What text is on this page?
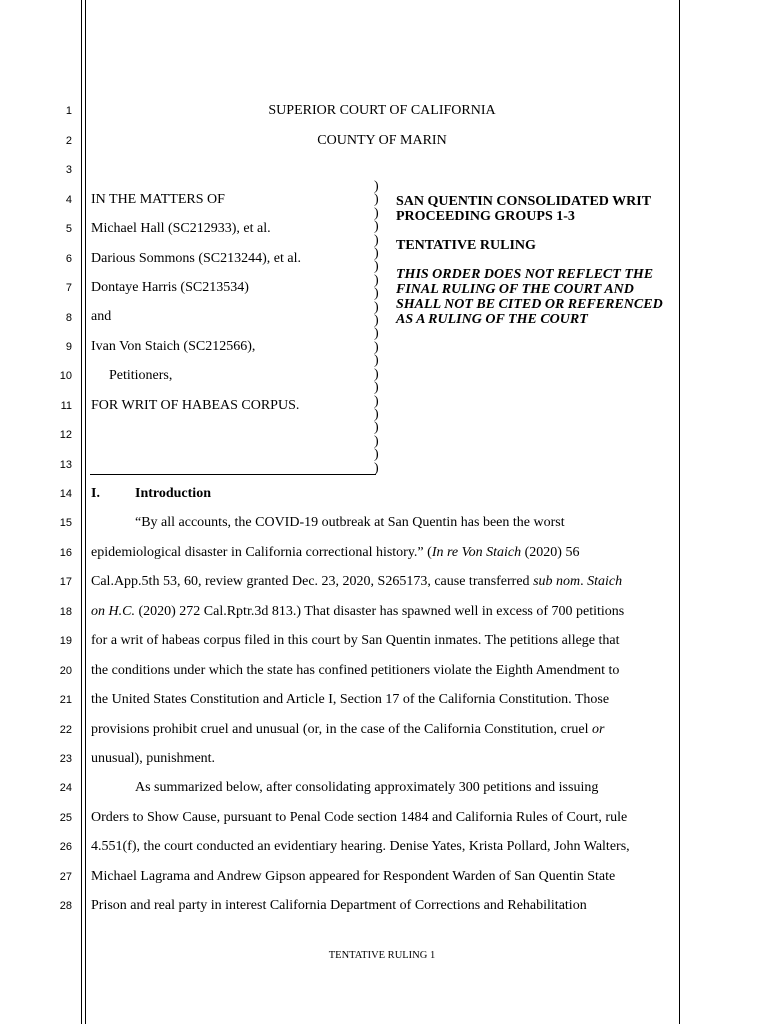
1
2
3
4
5
6
7
8
9
10
11
12
13
14
15
16
17
18
19
20
21
22
23
24
25
26
27
28
SUPERIOR COURT OF CALIFORNIA
COUNTY OF MARIN
IN THE MATTERS OF
Michael Hall (SC212933), et al.
Darious Sommons (SC213244), et al.
Dontaye Harris (SC213534)
and
Ivan Von Staich (SC212566),
Petitioners,
FOR WRIT OF HABEAS CORPUS.
)
)
)
)
)
)
)
)
)
)
)
)
)
)
)
)
)
)
)
)
)
)
SAN QUENTIN CONSOLIDATED WRIT
PROCEEDING GROUPS 1-3
TENTATIVE RULING
THIS ORDER DOES NOT REFLECT THE FINAL RULING OF THE COURT AND SHALL NOT BE CITED OR REFERENCED AS A RULING OF THE COURT
I.	Introduction
“By all accounts, the COVID-19 outbreak at San Quentin has been the worst
epidemiological disaster in California correctional history.” (In re Von Staich (2020) 56
Cal.App.5th 53, 60, review granted Dec. 23, 2020, S265173, cause transferred sub nom. Staich
on H.C. (2020) 272 Cal.Rptr.3d 813.) That disaster has spawned well in excess of 700 petitions
for a writ of habeas corpus filed in this court by San Quentin inmates. The petitions allege that
the conditions under which the state has confined petitioners violate the Eighth Amendment to
the United States Constitution and Article I, Section 17 of the California Constitution. Those
provisions prohibit cruel and unusual (or, in the case of the California Constitution, cruel or
unusual), punishment.
As summarized below, after consolidating approximately 300 petitions and issuing
Orders to Show Cause, pursuant to Penal Code section 1484 and California Rules of Court, rule
4.551(f), the court conducted an evidentiary hearing. Denise Yates, Krista Pollard, John Walters,
Michael Lagrama and Andrew Gipson appeared for Respondent Warden of San Quentin State
Prison and real party in interest California Department of Corrections and Rehabilitation
TENTATIVE RULING 1
